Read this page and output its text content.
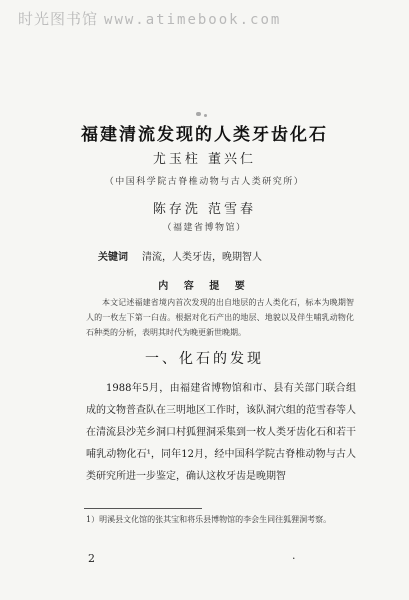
时光图书馆 www.atimebook.com
福建清流发现的人类牙齿化石
尤玉柱 董兴仁
（中国科学院古脊椎动物与古人类研究所）
陈存洗 范雪春
（福建省博物馆）
关键词 清流，人类牙齿，晚期智人
内 容 提 要
本文记述福建省境内首次发现的出自地层的古人类化石，标本为晚期智人的一枚左下第一臼齿。根据对化石产出的地层、地貌以及伴生哺乳动物化石种类的分析，表明其时代为晚更新世晚期。
一、化石的发现
1988年5月，由福建省博物馆和市、县有关部门联合组成的文物普查队在三明地区工作时，该队洞穴组的范雪春等人在清流县沙芜乡洞口村狐狸洞采集到一枚人类牙齿化石和若干哺乳动物化石¹，同年12月，经中国科学院古脊椎动物与古人类研究所进一步鉴定，确认这枚牙齿是晚期智
1）明溪县文化馆的张其宝和将乐县博物馆的李会生同往狐狸洞考察。
2	·
